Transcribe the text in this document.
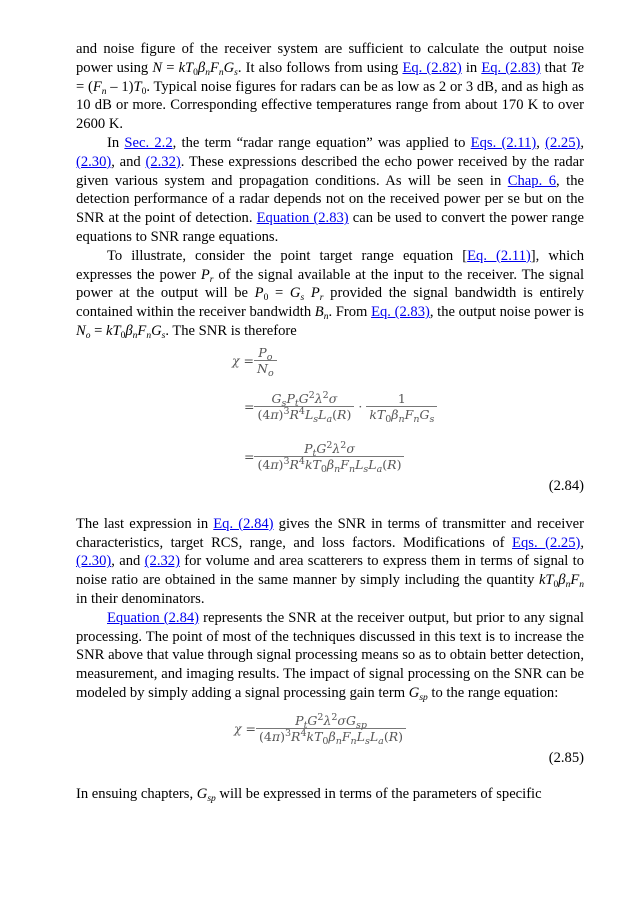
and noise figure of the receiver system are sufficient to calculate the output noise power using $N = kT_0\beta_nF_nG_s$. It also follows from using Eq. (2.82) in Eq. (2.83) that $Te = (F_n - 1)T_0$. Typical noise figures for radars can be as low as 2 or 3 dB, and as high as 10 dB or more. Corresponding effective temperatures range from about 170 K to over 2600 K.

In Sec. 2.2, the term “radar range equation” was applied to Eqs. (2.11), (2.25), (2.30), and (2.32). These expressions described the echo power received by the radar given various system and propagation conditions. As will be seen in Chap. 6, the detection performance of a radar depends not on the received power per se but on the SNR at the point of detection. Equation (2.83) can be used to convert the power range equations to SNR range equations.

To illustrate, consider the point target range equation [Eq. (2.11)], which expresses the power $P_r$ of the signal available at the input to the receiver. The signal power at the output will be $P_0 = G_s$ $P_r$ provided the signal bandwidth is entirely contained within the receiver bandwidth $B_n$. From Eq. (2.83), the output noise power is $N_o = kT_0\beta_nF_nG_s$. The SNR is therefore

$\chi = \frac{P_o}{N_o}$
= $\frac{G_sP_tG^2\lambda^2\sigma}{(4\pi)^3R^4L_sL_a(R)} \cdot \frac{1}{kT_0\beta_nF_nG_s}$
= $\frac{P_tG^2\lambda^2\sigma}{(4\pi)^3R^4kT_0\beta_nF_nL_sL_a(R)}$
(2.84)

The last expression in Eq. (2.84) gives the SNR in terms of transmitter and receiver characteristics, target RCS, range, and loss factors. Modifications of Eqs. (2.25), (2.30), and (2.32) for volume and area scatterers to express them in terms of signal to noise ratio are obtained in the same manner by simply including the quantity $kT_0\beta_nF_n$ in their denominators.

Equation (2.84) represents the SNR at the receiver output, but prior to any signal processing. The point of most of the techniques discussed in this text is to increase the SNR above that value through signal processing means so as to obtain better detection, measurement, and imaging results. The impact of signal processing on the SNR can be modeled by simply adding a signal processing gain term $G_{sp}$ to the range equation:

$\chi = \frac{P_tG^2\lambda^2\sigma G_{sp}}{(4\pi)^3R^4kT_0\beta_nF_nL_sL_a(R)}$
(2.85)

In ensuing chapters, $G_{sp}$ will be expressed in terms of the parameters of specific
